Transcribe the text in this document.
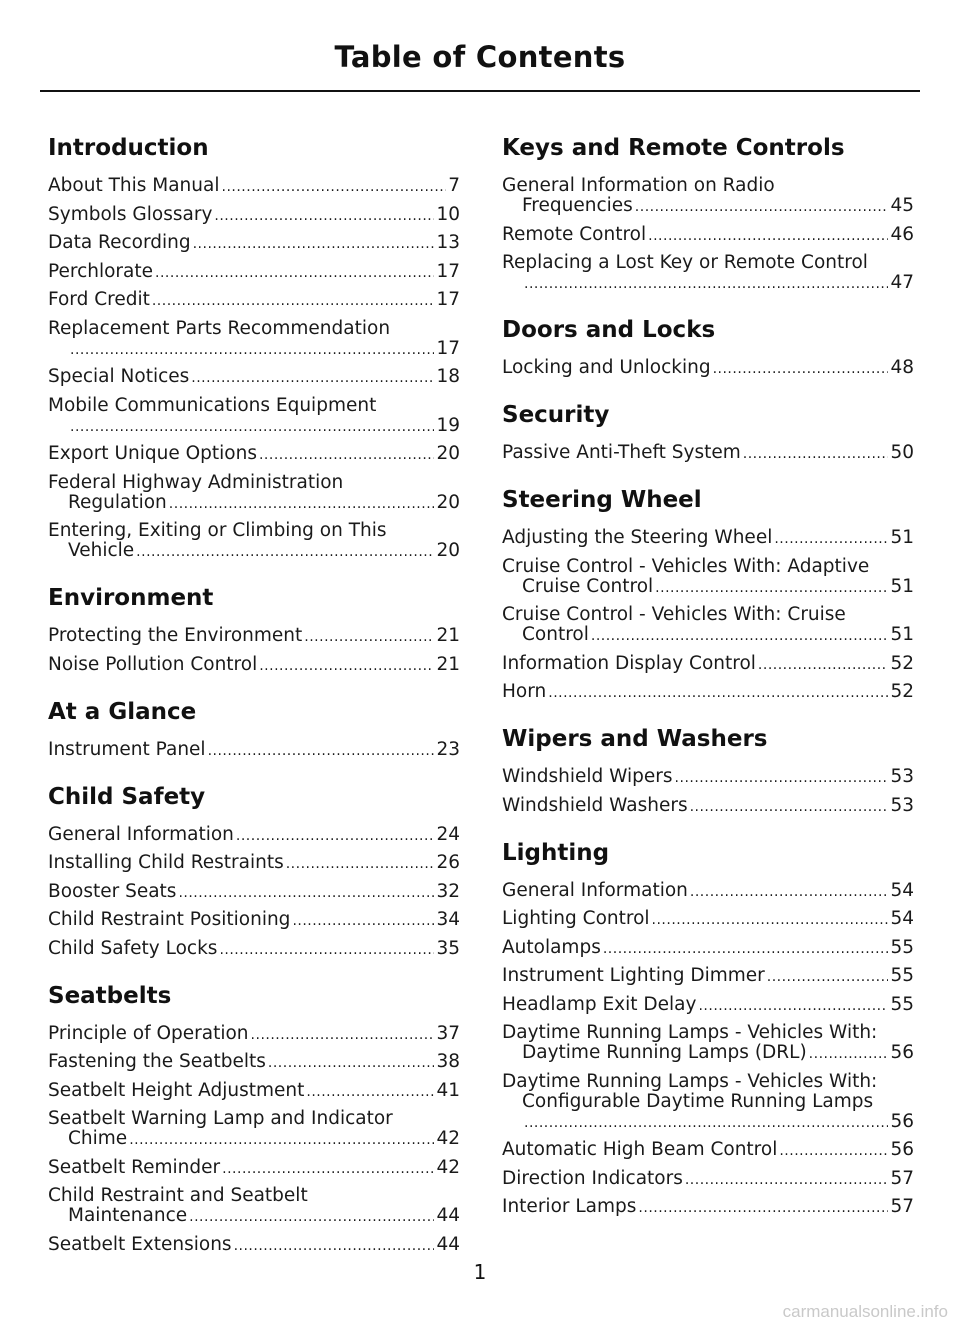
Table of Contents
Introduction
About This Manual .....	7
Symbols Glossary .....	10
Data Recording .....	13
Perchlorate .....	17
Ford Credit .....	17
Replacement Parts Recommendation
.....
17
Special Notices .....	18
Mobile Communications Equipment
.....
19
Export Unique Options .....	20
Federal Highway Administration
Regulation .....	20
Entering, Exiting or Climbing on This
Vehicle .....	20
Environment
Protecting the Environment .....	21
Noise Pollution Control .....	21
At a Glance
Instrument Panel .....	23
Child Safety
General Information .....	24
Installing Child Restraints .....	26
Booster Seats .....	32
Child Restraint Positioning .....	34
Child Safety Locks .....	35
Seatbelts
Principle of Operation .....	37
Fastening the Seatbelts .....	38
Seatbelt Height Adjustment .....	41
Seatbelt Warning Lamp and Indicator
Chime .....	42
Seatbelt Reminder .....	42
Child Restraint and Seatbelt
Maintenance .....	44
Seatbelt Extensions .....	44
Keys and Remote Controls
General Information on Radio
Frequencies .....	45
Remote Control .....	46
Replacing a Lost Key or Remote Control
.....
47
Doors and Locks
Locking and Unlocking .....	48
Security
Passive Anti-Theft System .....	50
Steering Wheel
Adjusting the Steering Wheel .....	51
Cruise Control - Vehicles With: Adaptive
Cruise Control .....	51
Cruise Control - Vehicles With: Cruise
Control .....	51
Information Display Control .....	52
Horn .....	52
Wipers and Washers
Windshield Wipers .....	53
Windshield Washers .....	53
Lighting
General Information .....	54
Lighting Control .....	54
Autolamps .....	55
Instrument Lighting Dimmer .....	55
Headlamp Exit Delay .....	55
Daytime Running Lamps - Vehicles With:
Daytime Running Lamps (DRL) .....	56
Daytime Running Lamps - Vehicles With:
Configurable Daytime Running Lamps
.....
56
Automatic High Beam Control .....	56
Direction Indicators .....	57
Interior Lamps .....	57
1
carmanualsonline.info
